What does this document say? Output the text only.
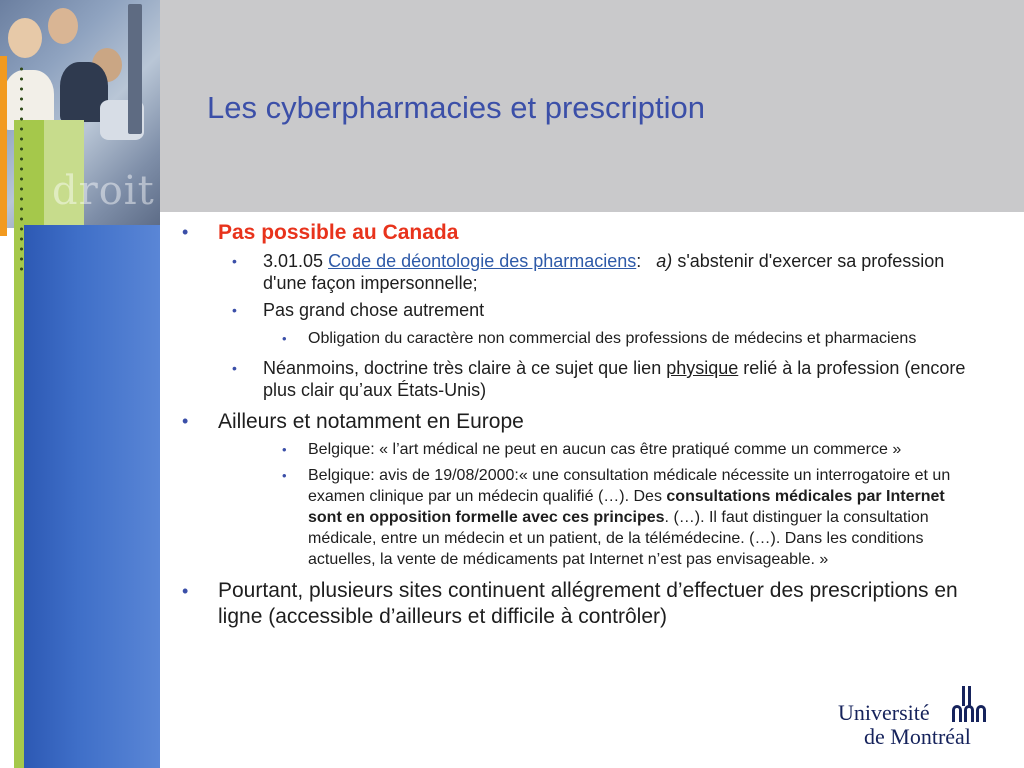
droit
Les cyberpharmacies et prescription
• Pas possible au Canada
• 3.01.05 Code de déontologie des pharmaciens:   a) s'abstenir d'exercer sa profession d'une façon impersonnelle;
• Pas grand chose autrement
• Obligation du caractère non commercial des professions de médecins et pharmaciens
• Néanmoins, doctrine très claire à ce sujet que lien physique relié à la profession (encore plus clair qu’aux États-Unis)
• Ailleurs et notamment en Europe
• Belgique: « l’art médical ne peut en aucun cas être pratiqué comme un commerce »
• Belgique: avis de 19/08/2000:« une consultation médicale nécessite un interrogatoire et un examen clinique par un médecin qualifié (…). Des consultations médicales par Internet sont en opposition formelle avec ces principes. (…). Il faut distinguer la consultation médicale, entre un médecin et un patient, de la télémédecine. (…). Dans les conditions actuelles, la vente de médicaments pat Internet n’est pas envisageable. »
• Pourtant, plusieurs sites continuent allégrement d’effectuer des prescriptions en ligne (accessible d’ailleurs et difficile à contrôler)
Université
de Montréal
